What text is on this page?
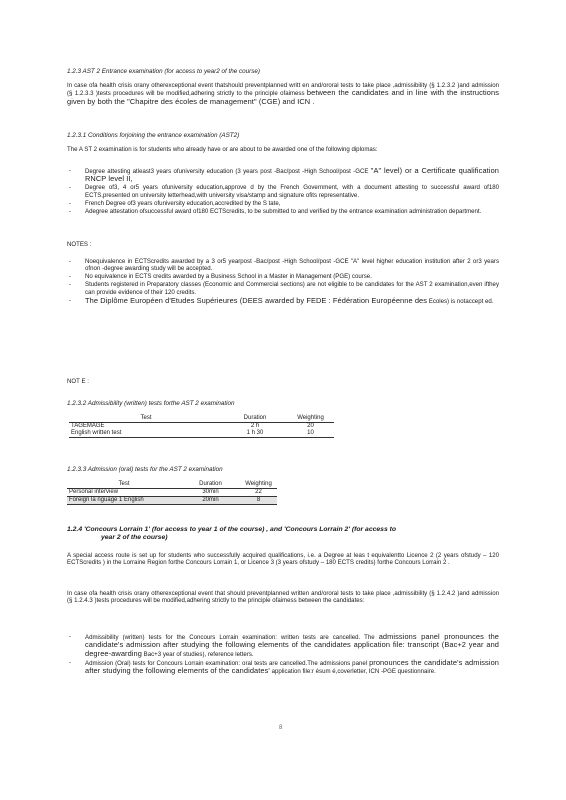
1.2.3 AST 2 Entrance examination (for access to year2 of the course)
In case ofa health crisis orany otherexceptional event thatshould preventplanned writt en and/ororal tests to take place ,admissibility (§ 1.2.3.2 )and admission (§ 1.2.3.3 )tests procedures will be modified,adhering strictly to the principle ofaimess between the candidates and in line with the instructions given by both the "Chapitre des écoles de management" (CGE) and ICN .
1.2.3.1 Conditions forjoining the entrance examination (AST2)
The A ST 2 examination is for students who already have or are about to be awarded one of the following diplomas:
- Degree attesting atleast3 years ofuniversity education (3 years post -Bac/post -High School/post -GCE "A" level) or a Certificate qualification RNCP level II,
- Degree of3, 4 or5 years ofuniversity education,approve d by the French Government, with a document attesting to successful award of180 ECTS,presented on university letterhead,with university visa/stamp and signature ofits representative.
- French Degree of3 years ofuniversity education,accredited by the S tate,
- Adegree attestation ofsuccessful award of180 ECTScredits, to be submitted to and verified by the entrance examination administration department.
NOTES :
- Noequivalence in ECTScredits awarded by a 3 or5 yearpost -Bac/post -High School/post -GCE "A" level higher education institution after 2 or3 years ofnon -degree awarding study will be accepted.
- No equivalence in ECTS credits awarded by a Business School in a Master in Management (PGE) course.
- Students registered in Preparatory classes (Economic and Commercial sections) are not eligible to be candidates for the AST 2 examination,even ifthey can provide evidence of their 120 credits.
- The Diplôme Européen d'Etudes Supérieures (DEES awarded by FEDE : Fédération Européenne des Ecoles) is notaccept ed.
NOT E :
1.2.3.2 Admissibility (written) tests forthe AST 2 examination
Test	Duration	Weighting
TAGEMAGE	2 h	20
English written test	1 h 30	10
1.2.3.3 Admission (oral) tests for the AST 2 examination
Test	Duration	Weighting
Personal interview	30min	22
Foreign la nguage 1 English	20min	8
1.2.4 'Concours Lorrain 1' (for access to year 1 of the course) , and 'Concours Lorrain 2' (for access to
year 2 of the course)
A special access route is set up for students who successfully acquired qualifications, i.e. a Degree at leas t equivalentto Licence 2 (2 years ofstudy – 120 ECTScredits ) in the Lorraine Region forthe Concours Lorrain 1, or Licence 3 (3 years ofstudy – 180 ECTS credits) forthe Concours Lorrain 2 .
In case ofa health crisis orany otherexceptional event that should preventplanned written and/ororal tests to take place ,admissibility (§ 1.2.4.2 )and admission (§ 1.2.4.3 )tests procedures will be modified,adhering strictly to the principle ofaimess between the candidates:
- Admissibility (written) tests for the Concours Lorrain examination: written tests are cancelled. The admissions panel pronounces the candidate's admission after studying the following elements of the candidates application file: transcript (Bac+2 year and degree-awarding Bac+3 year of studies), reference letters.
- Admission (Oral) tests for Concours Lorrain examination: oral tests are cancelled.The admissions panel pronounces the candidate's admission after studying the following elements of the candidates' application file:r ésum é,coverletter, ICN -PGE questionnaire.
8
